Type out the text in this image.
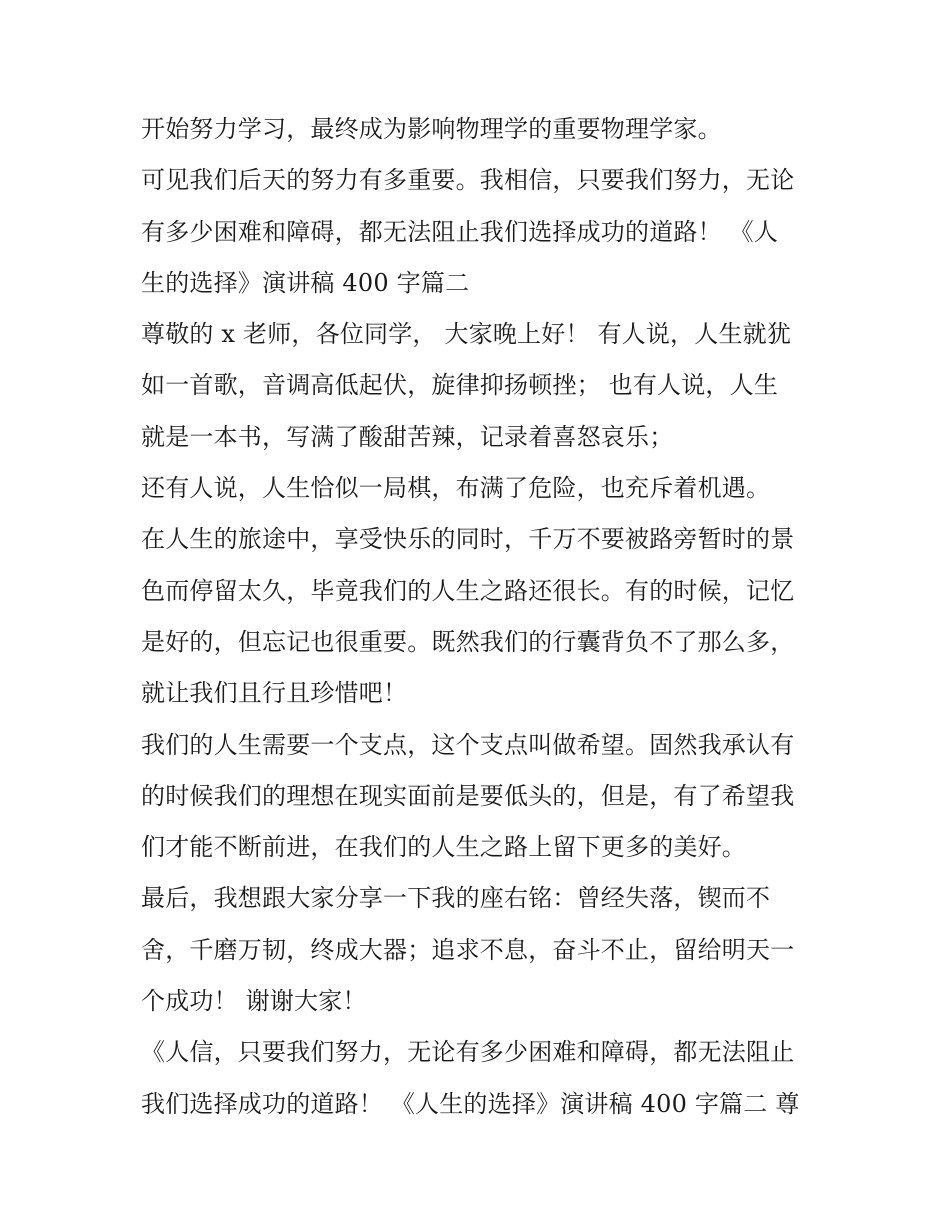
开始努力学习，最终成为影响物理学的重要物理学家。
可见我们后天的努力有多重要。我相信，只要我们努力，无论
有多少困难和障碍，都无法阻止我们选择成功的道路！ 《人
生的选择》演讲稿 400 字篇二
尊敬的 x 老师，各位同学， 大家晚上好！ 有人说，人生就犹
如一首歌，音调高低起伏，旋律抑扬顿挫； 也有人说，人生
就是一本书，写满了酸甜苦辣，记录着喜怒哀乐；
还有人说，人生恰似一局棋，布满了危险，也充斥着机遇。
在人生的旅途中，享受快乐的同时，千万不要被路旁暂时的景
色而停留太久，毕竟我们的人生之路还很长。有的时候，记忆
是好的，但忘记也很重要。既然我们的行囊背负不了那么多，
就让我们且行且珍惜吧！
我们的人生需要一个支点，这个支点叫做希望。固然我承认有
的时候我们的理想在现实面前是要低头的，但是，有了希望我
们才能不断前进，在我们的人生之路上留下更多的美好。
最后，我想跟大家分享一下我的座右铭：曾经失落，锲而不
舍，千磨万韧，终成大器；追求不息，奋斗不止，留给明天一
个成功！ 谢谢大家！
《人信，只要我们努力，无论有多少困难和障碍，都无法阻止
我们选择成功的道路！ 《人生的选择》演讲稿 400 字篇二 尊
